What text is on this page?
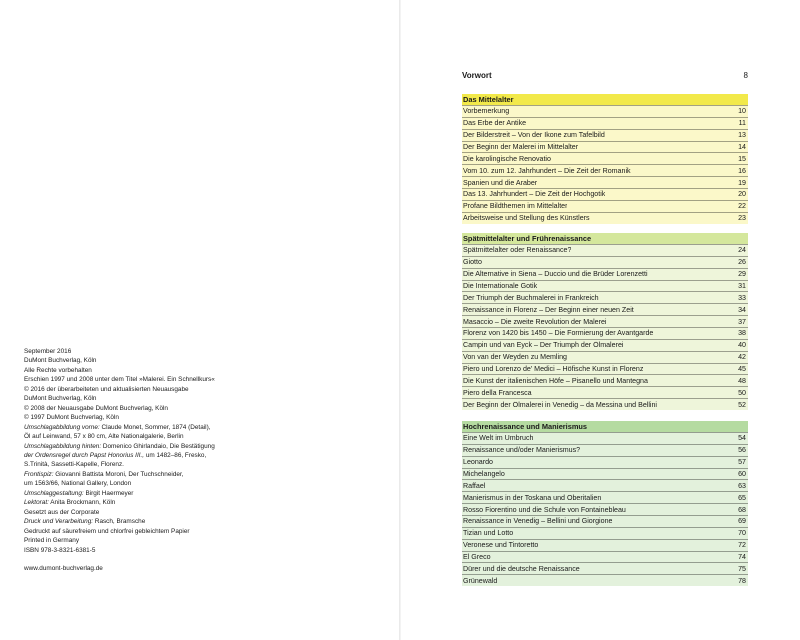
September 2016
DuMont Buchverlag, Köln
Alle Rechte vorbehalten
Erschien 1997 und 2008 unter dem Titel »Malerei. Ein Schnellkurs«
© 2016 der überarbeiteten und aktualisierten Neuausgabe
DuMont Buchverlag, Köln
© 2008 der Neuausgabe DuMont Buchverlag, Köln
© 1997 DuMont Buchverlag, Köln
Umschlagabbildung vorne: Claude Monet, Sommer, 1874 (Detail),
Öl auf Leinwand, 57 x 80 cm, Alte Nationalgalerie, Berlin
Umschlagabbildung hinten: Domenico Ghirlandaio, Die Bestätigung
der Ordensregel durch Papst Honorius III., um 1482–86, Fresko,
S.Trinità, Sassetti-Kapelle, Florenz.
Frontispiz: Giovanni Battista Moroni, Der Tuchschneider,
um 1563/66, National Gallery, London
Umschlaggestaltung: Birgit Haermeyer
Lektorat: Anita Brockmann, Köln
Gesetzt aus der Corporate
Druck und Verarbeitung: Rasch, Bramsche
Gedruckt auf säurefreiem und chlorfrei gebleichtem Papier
Printed in Germany
ISBN 978-3-8321-6381-5
www.dumont-buchverlag.de
Vorwort	8
Das Mittelalter
Vorbemerkung	10
Das Erbe der Antike	11
Der Bilderstreit – Von der Ikone zum Tafelbild	13
Der Beginn der Malerei im Mittelalter	14
Die karolingische Renovatio	15
Vom 10. zum 12. Jahrhundert – Die Zeit der Romanik	16
Spanien und die Araber	19
Das 13. Jahrhundert – Die Zeit der Hochgotik	20
Profane Bildthemen im Mittelalter	22
Arbeitsweise und Stellung des Künstlers	23
Spätmittelalter und Frührenaissance
Spätmittelalter oder Renaissance?	24
Giotto	26
Die Alternative in Siena – Duccio und die Brüder Lorenzetti	29
Die Internationale Gotik	31
Der Triumph der Buchmalerei in Frankreich	33
Renaissance in Florenz – Der Beginn einer neuen Zeit	34
Masaccio – Die zweite Revolution der Malerei	37
Florenz von 1420 bis 1450 – Die Formierung der Avantgarde	38
Campin und van Eyck – Der Triumph der Ölmalerei	40
Von van der Weyden zu Memling	42
Piero und Lorenzo de' Medici – Höfische Kunst in Florenz	45
Die Kunst der italienischen Höfe – Pisanello und Mantegna	48
Piero della Francesca	50
Der Beginn der Ölmalerei in Venedig – da Messina und Bellini	52
Hochrenaissance und Manierismus
Eine Welt im Umbruch	54
Renaissance und/oder Manierismus?	56
Leonardo	57
Michelangelo	60
Raffael	63
Manierismus in der Toskana und Oberitalien	65
Rosso Fiorentino und die Schule von Fontainebleau	68
Renaissance in Venedig – Bellini und Giorgione	69
Tizian und Lotto	70
Veronese und Tintoretto	72
El Greco	74
Dürer und die deutsche Renaissance	75
Grünewald	78
